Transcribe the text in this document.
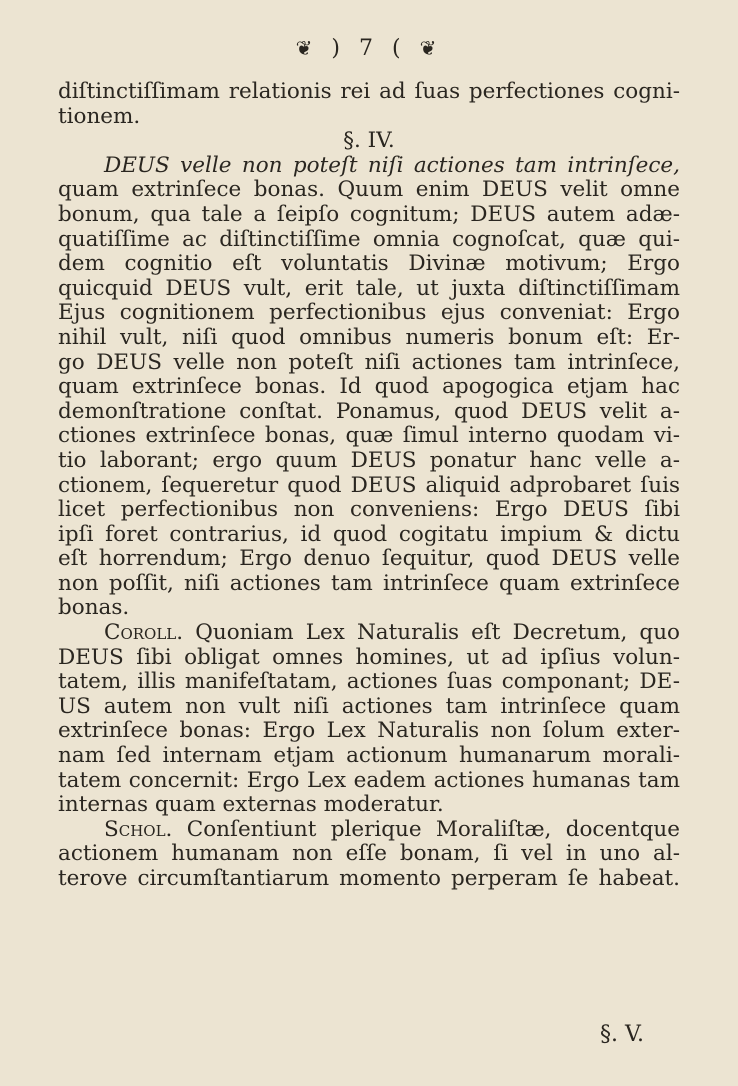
❦ ) 7 ( ❦
diſtinctiſſimam relationis rei ad ſuas perfectiones cogni-
tionem.
§. IV.
DEUS velle non poteſt niſi actiones tam intrinſece,
quam extrinſece bonas. Quum enim DEUS velit omne
bonum, qua tale a ſeipſo cognitum; DEUS autem adæ-
quatiſſime ac diſtinctiſſime omnia cognoſcat, quæ qui-
dem cognitio eſt voluntatis Divinæ motivum; Ergo
quicquid DEUS vult, erit tale, ut juxta diſtinctiſſimam
Ejus cognitionem perfectionibus ejus conveniat: Ergo
nihil vult, niſi quod omnibus numeris bonum eſt: Er-
go DEUS velle non poteſt niſi actiones tam intrinſece,
quam extrinſece bonas. Id quod apogogica etjam hac
demonſtratione conſtat. Ponamus, quod DEUS velit a-
ctiones extrinſece bonas, quæ ſimul interno quodam vi-
tio laborant; ergo quum DEUS ponatur hanc velle a-
ctionem, ſequeretur quod DEUS aliquid adprobaret ſuis
licet perfectionibus non conveniens: Ergo DEUS ſibi
ipſi foret contrarius, id quod cogitatu impium & dictu
eſt horrendum; Ergo denuo ſequitur, quod DEUS velle
non poſſit, niſi actiones tam intrinſece quam extrinſece
bonas.
Coroll. Quoniam Lex Naturalis eſt Decretum, quo
DEUS ſibi obligat omnes homines, ut ad ipſius volun-
tatem, illis manifeſtatam, actiones ſuas componant; DE-
US autem non vult niſi actiones tam intrinſece quam
extrinſece bonas: Ergo Lex Naturalis non ſolum exter-
nam ſed internam etjam actionum humanarum morali-
tatem concernit: Ergo Lex eadem actiones humanas tam
internas quam externas moderatur.
Schol. Conſentiunt plerique Moraliſtæ, docentque
actionem humanam non eſſe bonam, ſi vel in uno al-
terove circumſtantiarum momento perperam ſe habeat.
§. V.
